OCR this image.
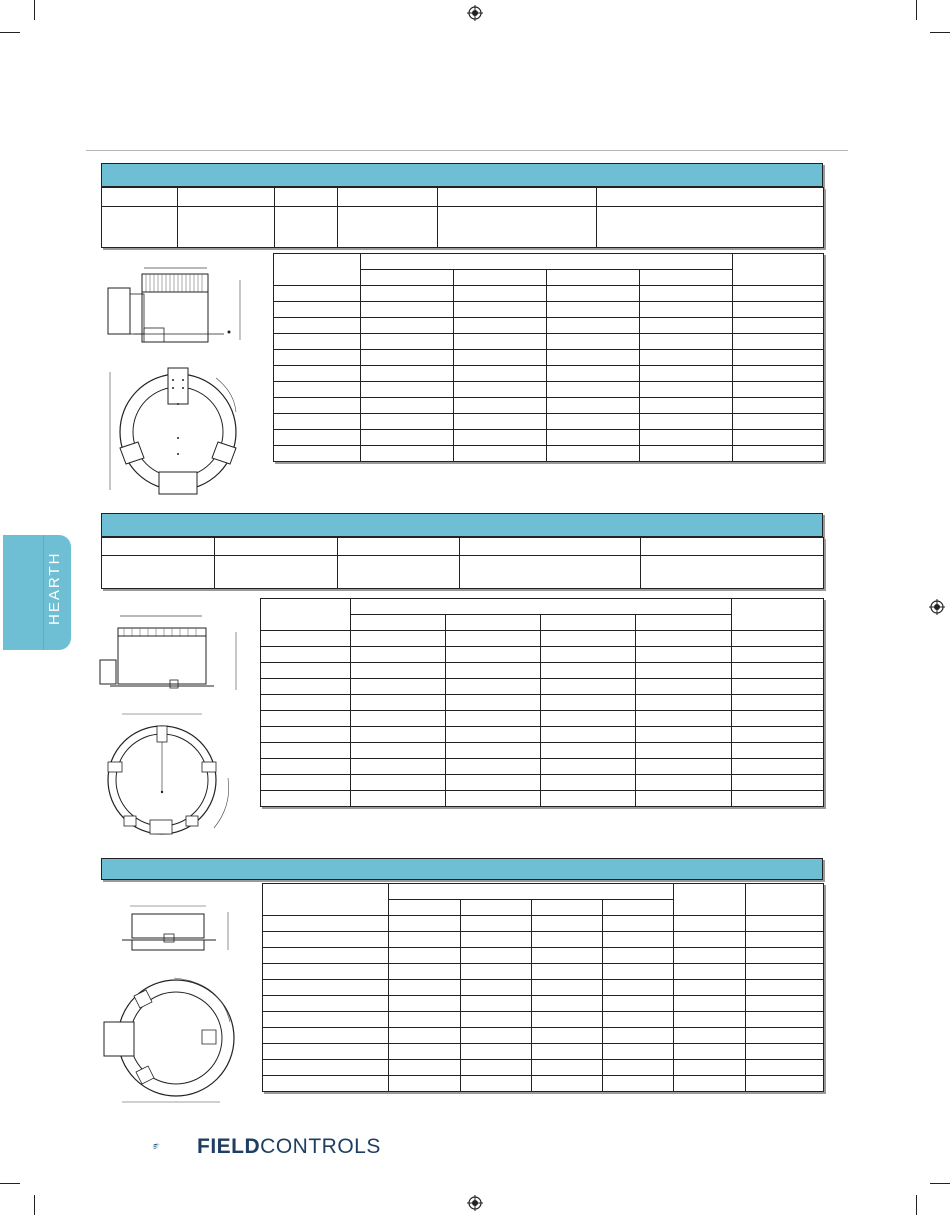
HEARTH

FIELDCONTROLS
